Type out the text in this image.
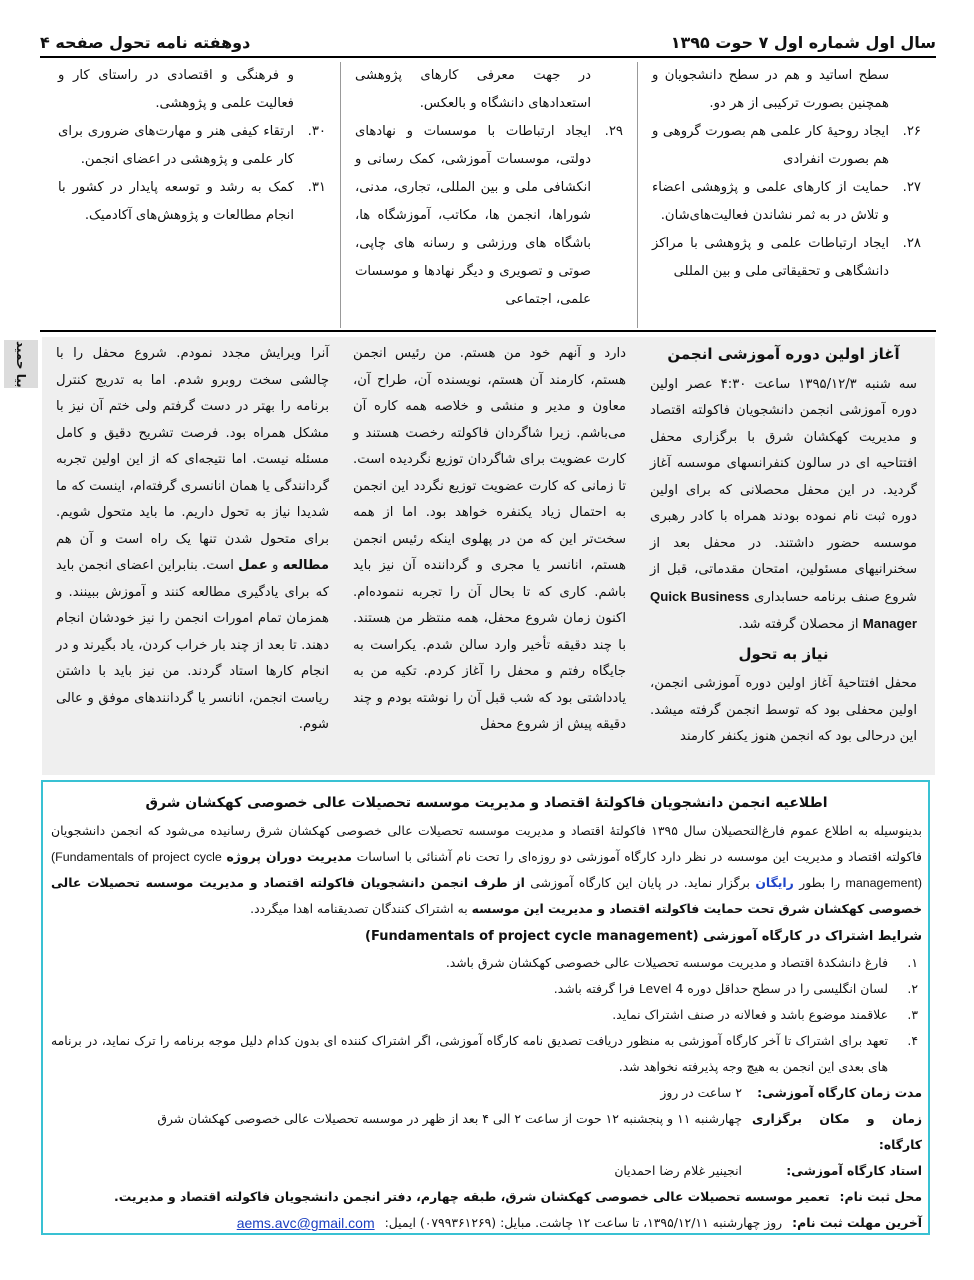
سال اول شماره اول ۷ حوت ۱۳۹۵
دوهفته نامه تحول صفحه ۴
سطح اساتید و هم در سطح دانشجویان و همچنین بصورت ترکیبی از هر دو.
۲۶.
ایجاد روحیهٔ کار علمی هم بصورت گروهی و هم بصورت انفرادی
۲۷.
حمایت از کارهای علمی و پژوهشی اعضاء و تلاش در به ثمر نشاندن فعالیت‌های‌شان.
۲۸.
ایجاد ارتباطات علمی و پژوهشی با مراکز دانشگاهی و تحقیقاتی ملی و بین المللی
در جهت معرفی کارهای پژوهشی استعدادهای دانشگاه و بالعکس.
۲۹.
ایجاد ارتباطات با موسسات و نهادهای دولتی، موسسات آموزشی، کمک رسانی و انکشافی ملی و بین المللی، تجاری، مدنی، شوراها، انجمن ها، مکاتب، آموزشگاه ها، باشگاه های ورزشی و رسانه های چاپی، صوتی و تصویری و دیگر نهادها و موسسات علمی، اجتماعی
و فرهنگی و اقتصادی در راستای کار و فعالیت علمی و پژوهشی.
۳۰.
ارتقاء کیفی هنر و مهارت‌های ضروری برای کار علمی و پژوهشی در اعضای انجمن.
۳۱.
کمک به رشد و توسعه پایدار در کشور با انجام مطالعات و پژوهش‌های آکادمیک.
بیا حمید	آغاز اولین دوره آموزشی انجمن

سه شنبه ۱۳۹۵/۱۲/۳ ساعت ۴:۳۰ عصر اولین دوره آموزشی انجمن دانشجویان فاکولته اقتصاد و مدیریت کهکشان شرق با برگزاری محفل افتتاحیه ای در سالون کنفرانسهای موسسه آغاز گردید. در این محفل محصلانی که برای اولین دوره ثبت نام نموده بودند همراه با کادر رهبری موسسه حضور داشتند. در محفل بعد از سخنرانیهای مسئولین، امتحان مقدماتی، قبل از شروع صنف برنامه حسابداری Quick Business Manager از محصلان گرفته شد.

نیاز به تحول

محفل افتتاحیهٔ آغاز اولین دوره آموزشی انجمن، اولین محفلی بود که توسط انجمن گرفته میشد. این درحالی بود که انجمن هنوز یکنفر کارمند

دارد و آنهم خود من هستم. من رئیس انجمن هستم، کارمند آن هستم، نویسنده آن، طراح آن، معاون و مدیر و منشی و خلاصه همه کاره آن می‌باشم. زیرا شاگردان فاکولته رخصت هستند و کارت عضویت برای شاگردان توزیع نگردیده است. تا زمانی که کارت عضویت توزیع نگردد این انجمن به احتمال زیاد یکنفره خواهد بود. اما از همه سخت‌تر این که من در پهلوی اینکه رئیس انجمن هستم، انانسر یا مجری و گرداننده آن نیز باید باشم. کاری که تا بحال آن را تجربه ننموده‌ام. اکنون زمان شروع محفل، همه منتظر من هستند. با چند دقیقه تأخیر وارد سالن شدم. یکراست به جایگاه رفتم و محفل را آغاز کردم. تکیه من به یادداشتی بود که شب قبل آن را نوشته بودم و چند دقیقه پیش از شروع محفل

آنرا ویرایش مجدد نمودم. شروع محفل را با چالشی سخت روبرو شدم. اما به تدریج کنترل برنامه را بهتر در دست گرفتم ولی ختم آن نیز با مشکل همراه بود. فرصت تشریح دقیق و کامل مسئله نیست. اما نتیجه‌ای که از این اولین تجربه گردانندگی یا همان انانسری گرفته‌ام، اینست که ما شدیدا نیاز به تحول داریم. ما باید متحول شویم. برای متحول شدن تنها یک راه است و آن هم مطالعه و عمل است. بنابراین اعضای انجمن باید که برای یادگیری مطالعه کنند و آموزش ببینند. و همزمان تمام امورات انجمن را نیز خودشان انجام دهند. تا بعد از چند بار خراب کردن، یاد بگیرند و در انجام کارها استاد گردند. من نیز باید با داشتن ریاست انجمن، انانسر یا گردانندهای موفق و عالی شوم.

اطلاعیه انجمن دانشجویان فاکولتهٔ اقتصاد و مدیریت موسسه تحصیلات عالی خصوصی کهکشان شرق

بدینوسیله به اطلاع عموم فارغ‌التحصیلان سال ۱۳۹۵ فاکولتهٔ اقتصاد و مدیریت موسسه تحصیلات عالی خصوصی کهکشان شرق رسانیده می‌شود که انجمن دانشجویان فاکولته اقتصاد و مدیریت این موسسه در نظر دارد کارگاه آموزشی دو روزه‌ای را تحت نام آشنائی با اساسات مدیریت دوران پروژه (Fundamentals of project cycle management) را بطور رایگان برگزار نماید. در پایان این کارگاه آموزشی از طرف انجمن دانشجویان فاکولته اقتصاد و مدیریت موسسه تحصیلات عالی خصوصی کهکشان شرق تحت حمایت فاکولته اقتصاد و مدیریت این موسسه به اشتراک کنندگان تصدیقنامه اهدا میگردد.

شرایط اشتراک در کارگاه آموزشی (Fundamentals of project cycle management)
۱.
فارغ دانشکدهٔ اقتصاد و مدیریت موسسه تحصیلات عالی خصوصی کهکشان شرق باشد.
۲.
لسان انگلیسی را در سطح حداقل دوره Level 4 فرا گرفته باشد.
۳.
علاقمند موضوع باشد و فعالانه در صنف اشتراک نماید.
۴.
تعهد برای اشتراک تا آخر کارگاه آموزشی به منظور دریافت تصدیق نامه کارگاه آموزشی، اگر اشتراک کننده ای بدون کدام دلیل موجه برنامه را ترک نماید، در برنامه های بعدی این انجمن به هیچ وجه پذیرفته نخواهد شد.
مدت زمان کارگاه آموزشی:
۲ ساعت در روز
زمان و مکان برگزاری کارگاه:
چهارشنبه ۱۱ و پنجشنبه ۱۲ حوت از ساعت ۲ الی ۴ بعد از ظهر در موسسه تحصیلات عالی خصوصی کهکشان شرق
استاد کارگاه آموزشی:
انجینیر غلام رضا احمدیان
محل ثبت نام:
تعمیر موسسه تحصیلات عالی خصوصی کهکشان شرق، طبقه چهارم، دفتر انجمن دانشجویان فاکولته اقتصاد و مدیریت.
آخرین مهلت ثبت نام:
روز چهارشنبه ۱۳۹۵/۱۲/۱۱، تا ساعت ۱۲ چاشت. مبایل: (۰۷۹۹۳۶۱۲۶۹) ایمیل:
aems.avc@gmail.com
